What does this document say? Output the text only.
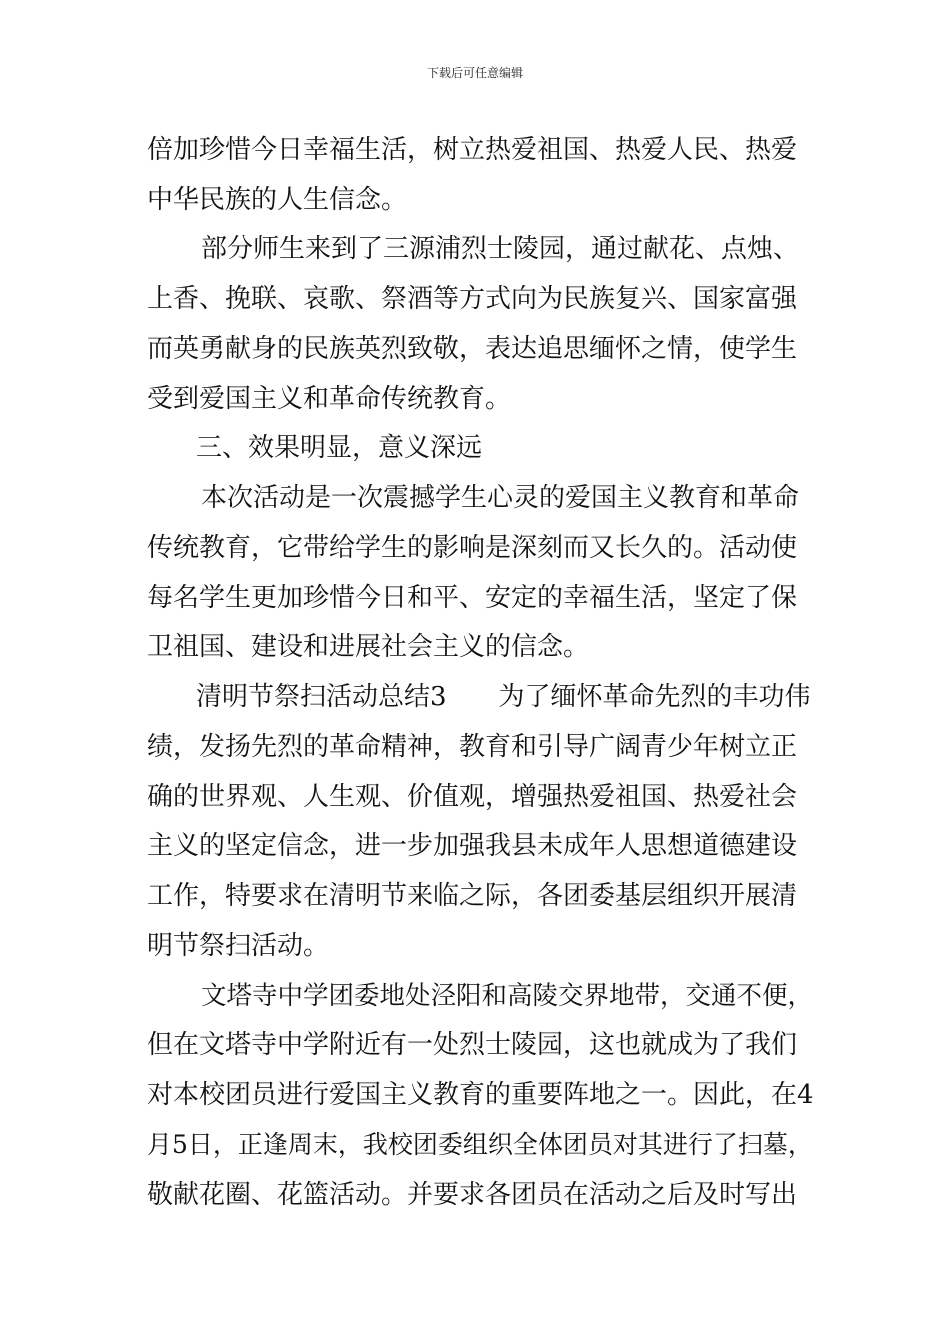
下载后可任意编辑
倍加珍惜今日幸福生活，树立热爱祖国、热爱人民、热爱
中华民族的人生信念。
部分师生来到了三源浦烈士陵园，通过献花、点烛、
上香、挽联、哀歌、祭酒等方式向为民族复兴、国家富强
而英勇献身的民族英烈致敬，表达追思缅怀之情，使学生
受到爱国主义和革命传统教育。
三、效果明显，意义深远
本次活动是一次震撼学生心灵的爱国主义教育和革命
传统教育，它带给学生的影响是深刻而又长久的。活动使
每名学生更加珍惜今日和平、安定的幸福生活，坚定了保
卫祖国、建设和进展社会主义的信念。
清明节祭扫活动总结3　　为了缅怀革命先烈的丰功伟
绩，发扬先烈的革命精神，教育和引导广阔青少年树立正
确的世界观、人生观、价值观，增强热爱祖国、热爱社会
主义的坚定信念，进一步加强我县未成年人思想道德建设
工作，特要求在清明节来临之际，各团委基层组织开展清
明节祭扫活动。
文塔寺中学团委地处泾阳和高陵交界地带，交通不便，
但在文塔寺中学附近有一处烈士陵园，这也就成为了我们
对本校团员进行爱国主义教育的重要阵地之一。因此，在4
月5日，正逢周末，我校团委组织全体团员对其进行了扫墓，
敬献花圈、花篮活动。并要求各团员在活动之后及时写出
